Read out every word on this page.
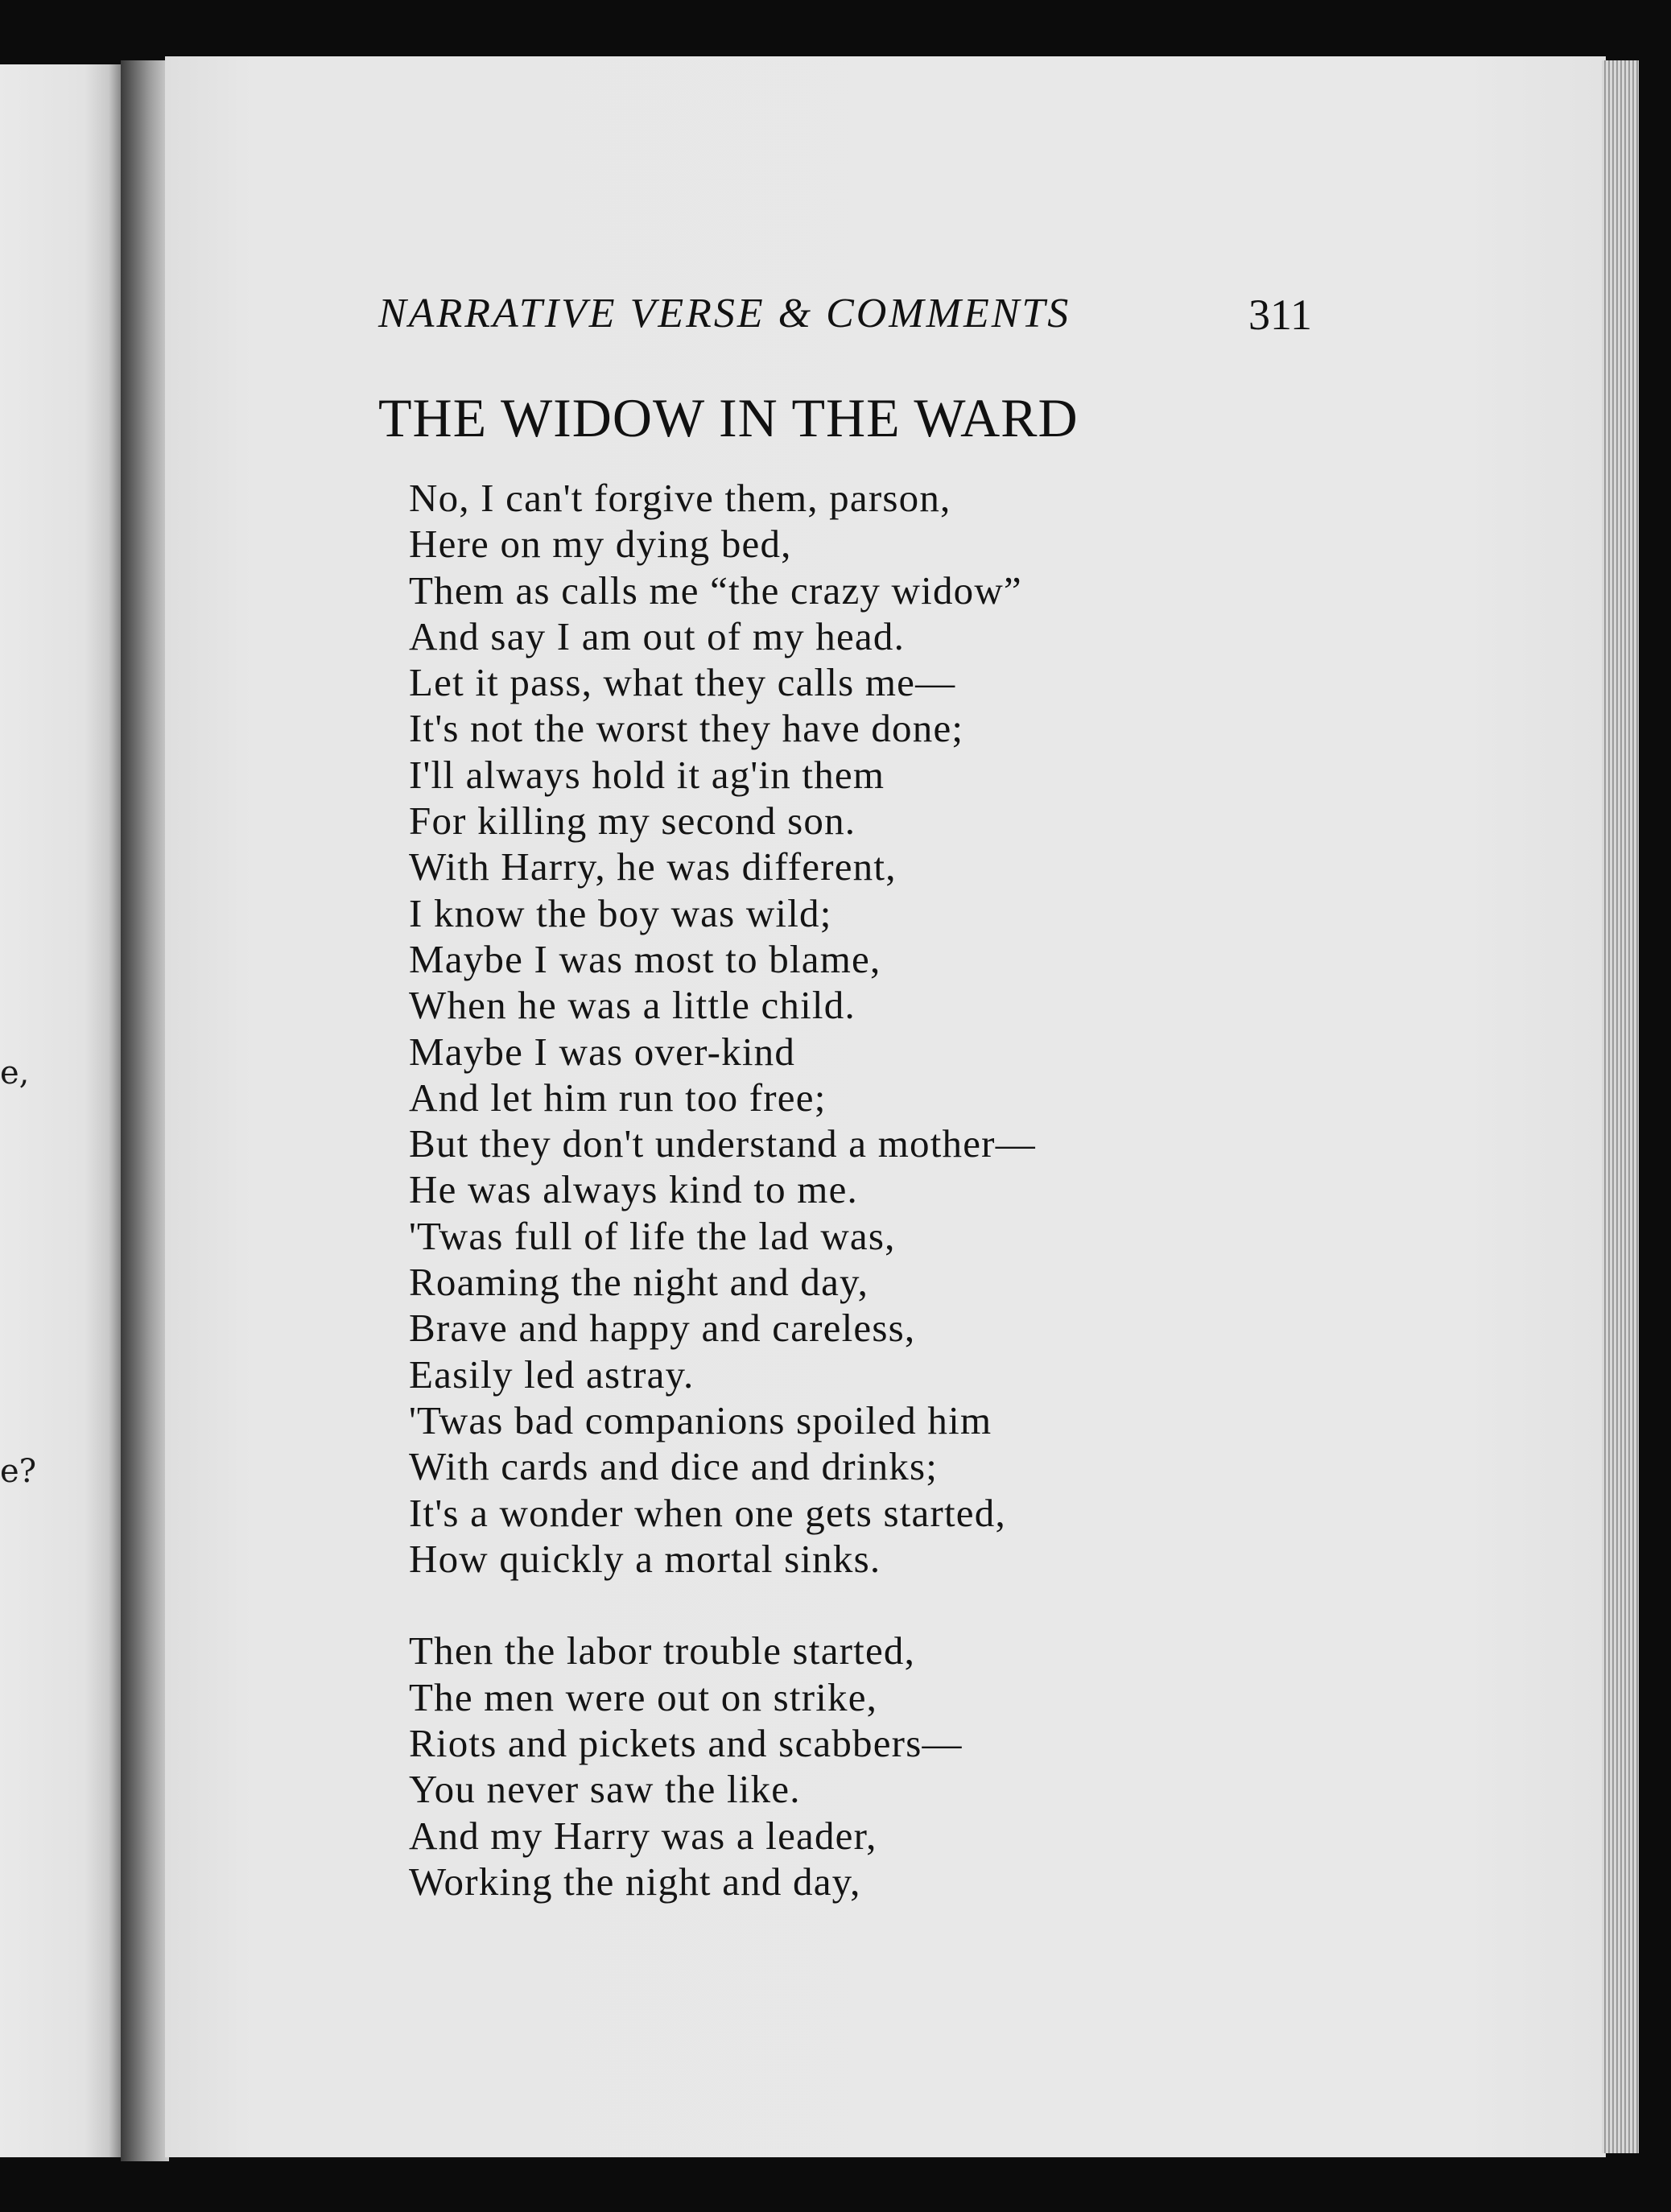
e,
e?
NARRATIVE VERSE & COMMENTS	311
THE WIDOW IN THE WARD
No, I can't forgive them, parson,
Here on my dying bed,
Them as calls me “the crazy widow”
And say I am out of my head.
Let it pass, what they calls me—
It's not the worst they have done;
I'll always hold it ag'in them
For killing my second son.
With Harry, he was different,
I know the boy was wild;
Maybe I was most to blame,
When he was a little child.
Maybe I was over-kind
And let him run too free;
But they don't understand a mother—
He was always kind to me.
'Twas full of life the lad was,
Roaming the night and day,
Brave and happy and careless,
Easily led astray.
'Twas bad companions spoiled him
With cards and dice and drinks;
It's a wonder when one gets started,
How quickly a mortal sinks.
Then the labor trouble started,
The men were out on strike,
Riots and pickets and scabbers—
You never saw the like.
And my Harry was a leader,
Working the night and day,
